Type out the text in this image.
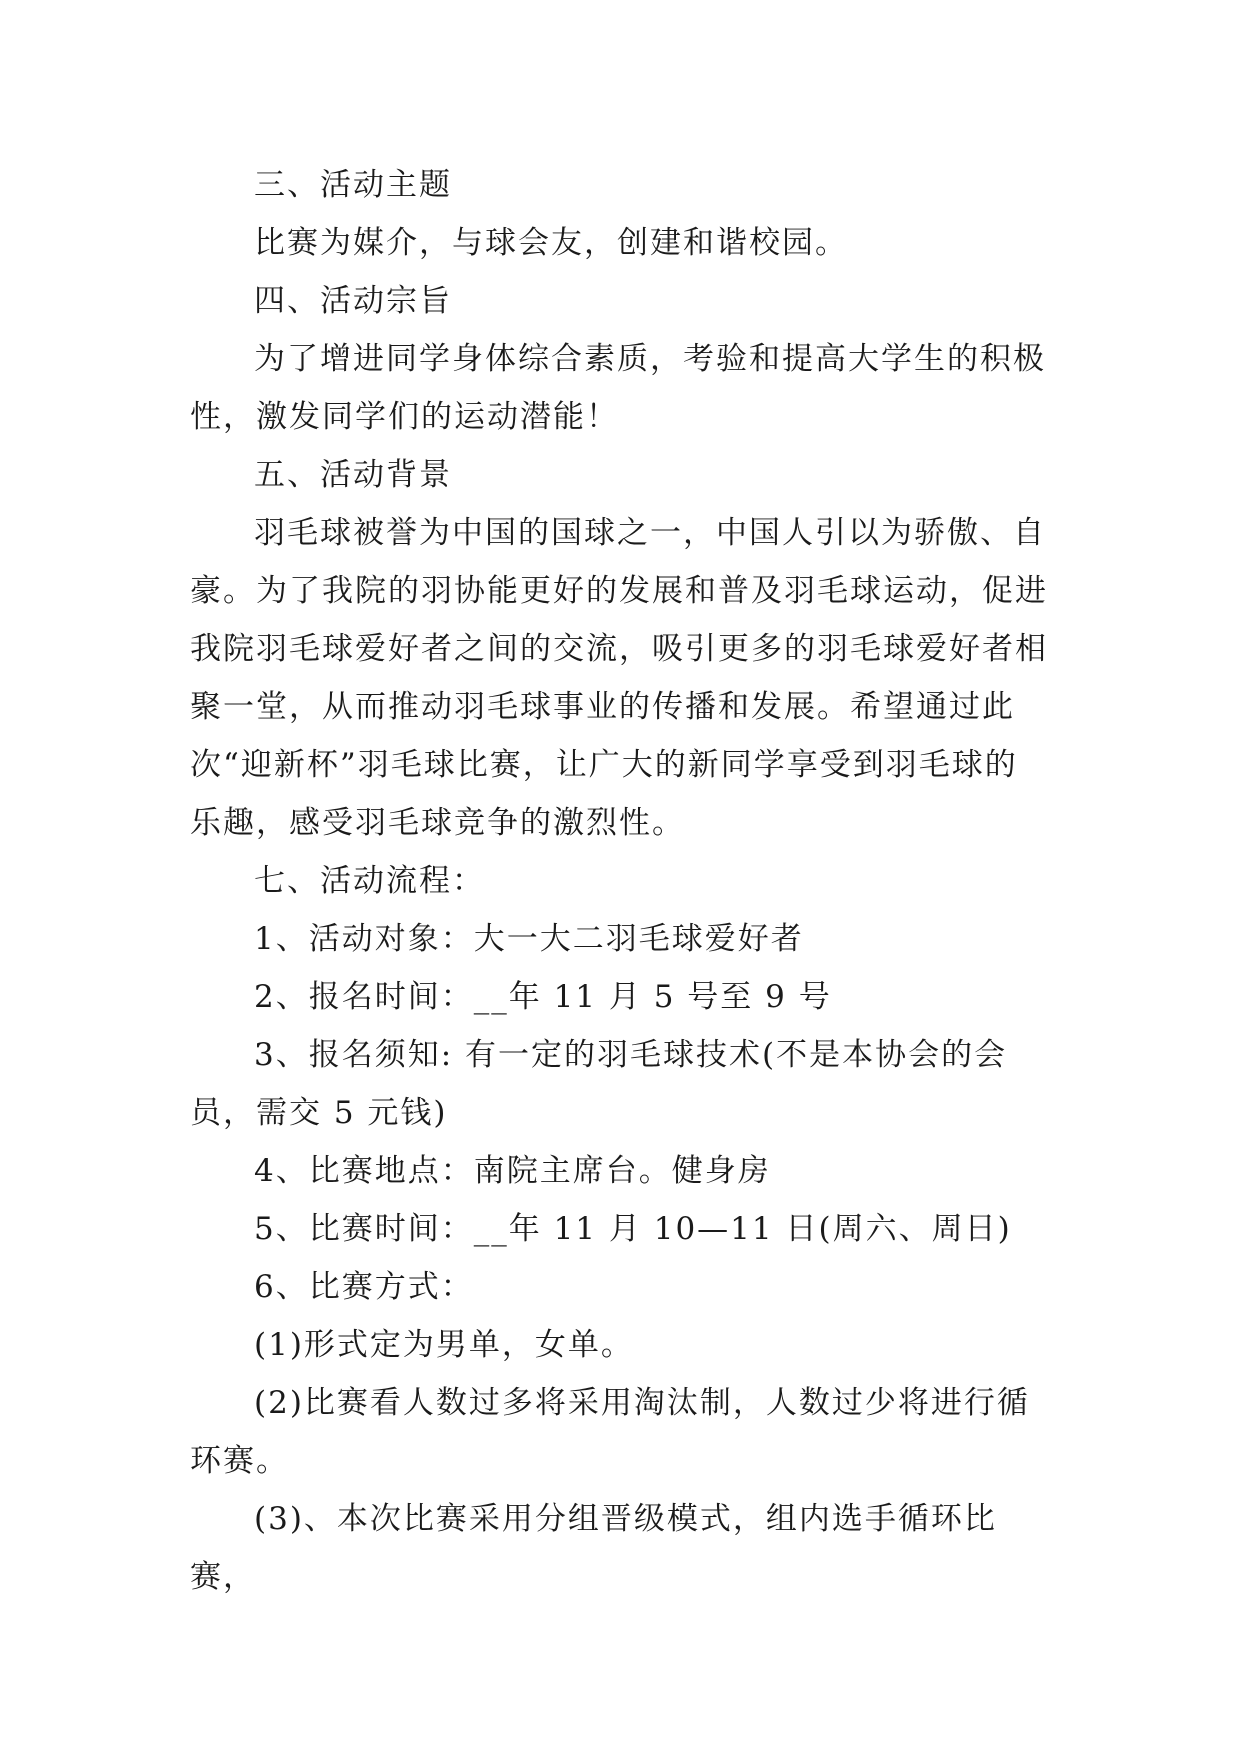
三、活动主题

比赛为媒介，与球会友，创建和谐校园。

四、活动宗旨

为了增进同学身体综合素质，考验和提高大学生的积极性，激发同学们的运动潜能！

五、活动背景

羽毛球被誉为中国的国球之一，中国人引以为骄傲、自豪。为了我院的羽协能更好的发展和普及羽毛球运动，促进我院羽毛球爱好者之间的交流，吸引更多的羽毛球爱好者相聚一堂，从而推动羽毛球事业的传播和发展。希望通过此次“迎新杯”羽毛球比赛，让广大的新同学享受到羽毛球的乐趣，感受羽毛球竞争的激烈性。

七、活动流程：

1、活动对象：大一大二羽毛球爱好者

2、报名时间：__年 11 月 5 号至 9 号

3、报名须知: 有一定的羽毛球技术(不是本协会的会员，需交 5 元钱)

4、比赛地点：南院主席台。健身房

5、比赛时间：__年 11 月 10—11 日(周六、周日)

6、比赛方式：

(1)形式定为男单，女单。

(2)比赛看人数过多将采用淘汰制，人数过少将进行循环赛。

(3)、本次比赛采用分组晋级模式，组内选手循环比赛，
